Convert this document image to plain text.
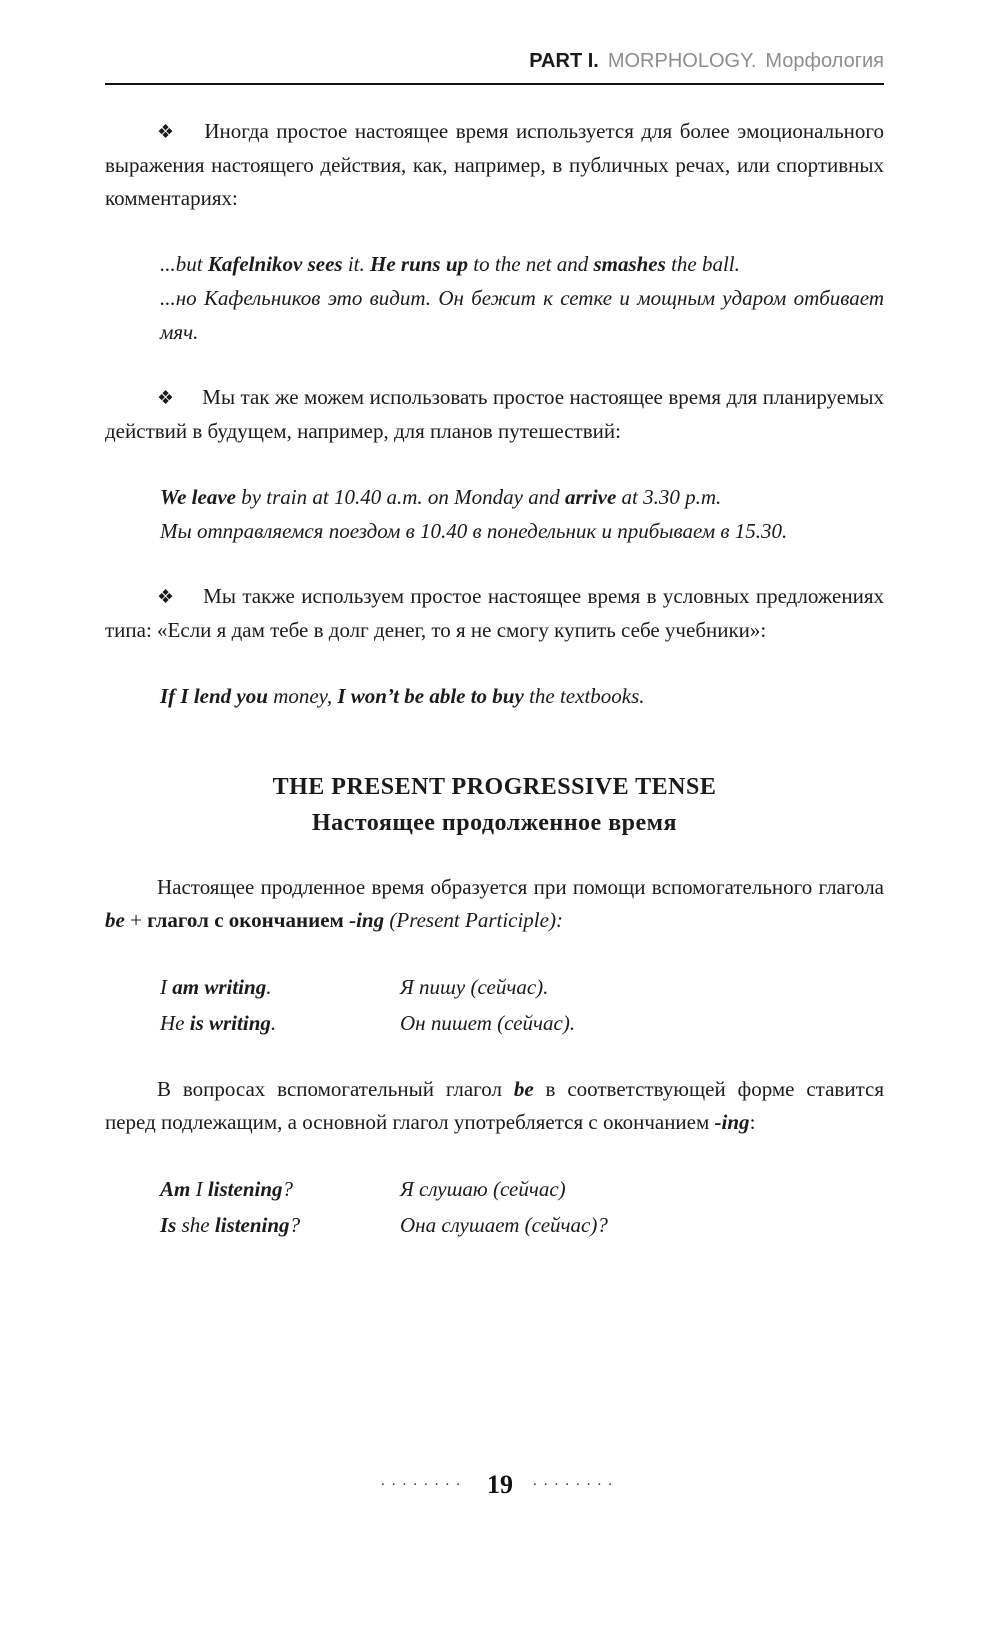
PART I. MORPHOLOGY. Морфология

❖ Иногда простое настоящее время используется для более эмоционального выражения настоящего действия, как, например, в публичных речах, или спортивных комментариях:

...but Kafelnikov sees it. He runs up to the net and smashes the ball.

...но Кафельников это видит. Он бежит к сетке и мощным ударом отбивает мяч.

❖ Мы так же можем использовать простое настоящее время для планируемых действий в будущем, например, для планов путешествий:

We leave by train at 10.40 a.m. on Monday and arrive at 3.30 p.m.

Мы отправляемся поездом в 10.40 в понедельник и прибываем в 15.30.

❖ Мы также используем простое настоящее время в условных предложениях типа: «Если я дам тебе в долг денег, то я не смогу купить себе учебники»:

If I lend you money, I won’t be able to buy the textbooks.

THE PRESENT PROGRESSIVE TENSE
Настоящее продолженное время

Настоящее продленное время образуется при помощи вспомогательного глагола be + глагол с окончанием -ing (Present Participle):

I am writing.	Я пишу (сейчас).
He is writing.	Он пишет (сейчас).

В вопросах вспомогательный глагол be в соответствующей форме ставится перед подлежащим, а основной глагол употребляется с окончанием -ing:

Am I listening?	Я слушаю (сейчас)
Is she listening?	Она слушает (сейчас)?
........ 19 ........
